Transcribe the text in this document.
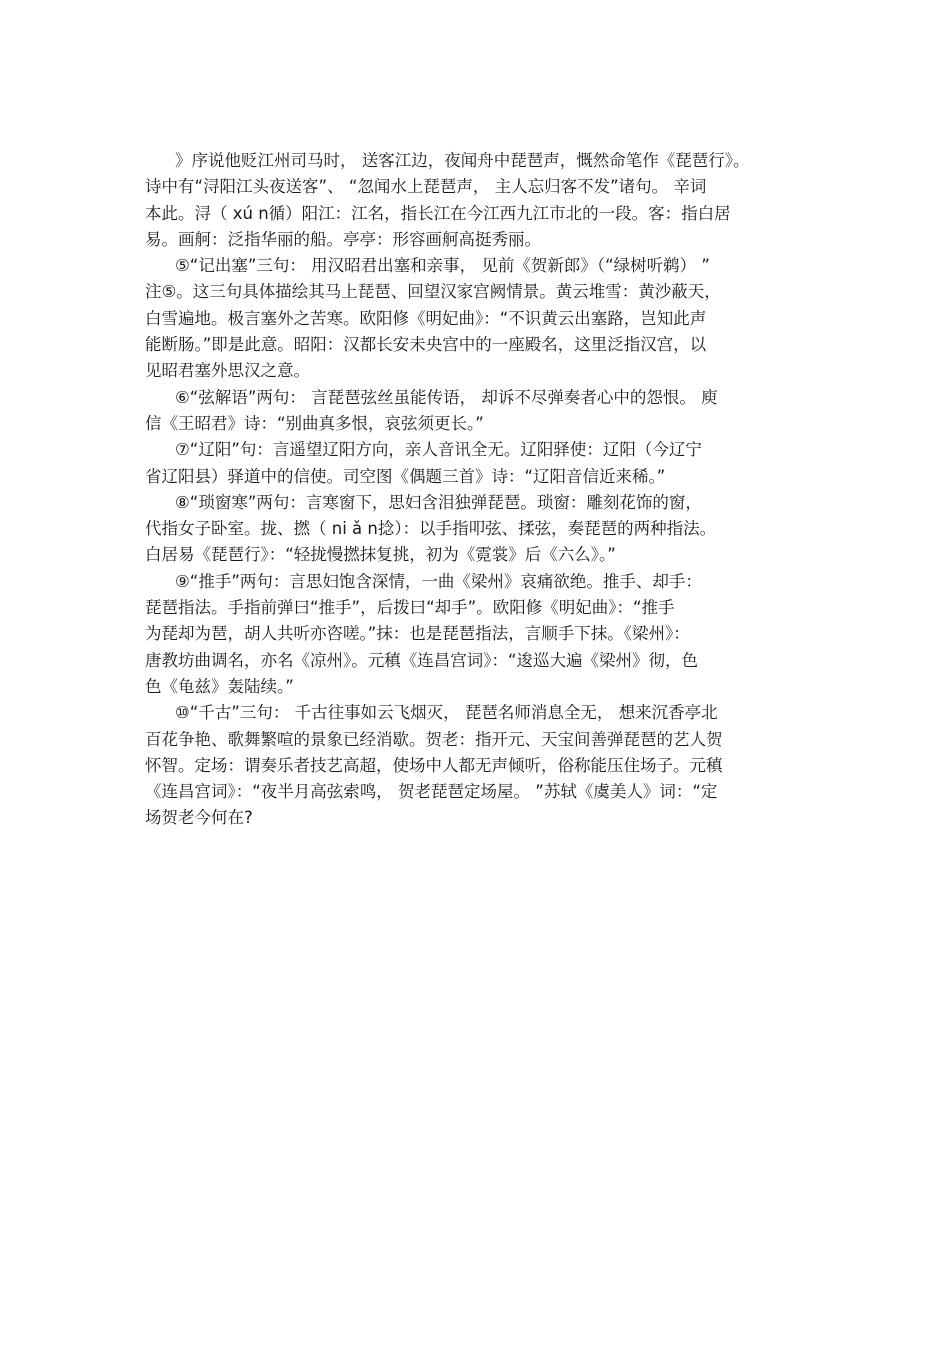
》序说他贬江州司马时， 送客江边，夜闻舟中琵琶声，慨然命笔作《琵琶行》。
诗中有“浔阳江头夜送客”、 “忽闻水上琵琶声， 主人忘归客不发”诸句。 辛词
本此。浔（ xú n循）阳江：江名，指长江在今江西九江市北的一段。客：指白居
易。画舸：泛指华丽的船。亭亭：形容画舸高挺秀丽。
⑤“记出塞”三句： 用汉昭君出塞和亲事， 见前《贺新郎》（“绿树听鹈） ”
注⑤。这三句具体描绘其马上琵琶、回望汉家宫阙情景。黄云堆雪：黄沙蔽天，
白雪遍地。极言塞外之苦寒。欧阳修《明妃曲》：“不识黄云出塞路，岂知此声
能断肠。”即是此意。昭阳：汉都长安未央宫中的一座殿名，这里泛指汉宫，以
见昭君塞外思汉之意。
⑥“弦解语”两句： 言琵琶弦丝虽能传语， 却诉不尽弹奏者心中的怨恨。 庾
信《王昭君》诗：“别曲真多恨，哀弦须更长。”
⑦“辽阳”句：言遥望辽阳方向，亲人音讯全无。辽阳驿使：辽阳（今辽宁
省辽阳县）驿道中的信使。司空图《偶题三首》诗：“辽阳音信近来稀。”
⑧“琐窗寒”两句：言寒窗下，思妇含泪独弹琵琶。琐窗：雕刻花饰的窗，
代指女子卧室。拢、撚（ ni ǎ n捻）：以手指叩弦、揉弦，奏琵琶的两种指法。
白居易《琵琶行》：“轻拢慢撚抹复挑，初为《霓裳》后《六么》。”
⑨“推手”两句：言思妇饱含深情，一曲《梁州》哀痛欲绝。推手、却手：
琵琶指法。手指前弹曰“推手”，后拨曰“却手”。欧阳修《明妃曲》：“推手
为琵却为琶，胡人共听亦咨嗟。”抹：也是琵琶指法，言顺手下抹。《梁州》：
唐教坊曲调名，亦名《凉州》。元稹《连昌宫词》：“逡巡大遍《梁州》彻，色
色《龟兹》轰陆续。”
⑩“千古”三句： 千古往事如云飞烟灭， 琵琶名师消息全无， 想来沉香亭北
百花争艳、歌舞繁喧的景象已经消歇。贺老：指开元、天宝间善弹琵琶的艺人贺
怀智。定场：谓奏乐者技艺高超，使场中人都无声倾听，俗称能压住场子。元稹
《连昌宫词》：“夜半月高弦索鸣， 贺老琵琶定场屋。 ”苏轼《虞美人》词：“定
场贺老今何在?
